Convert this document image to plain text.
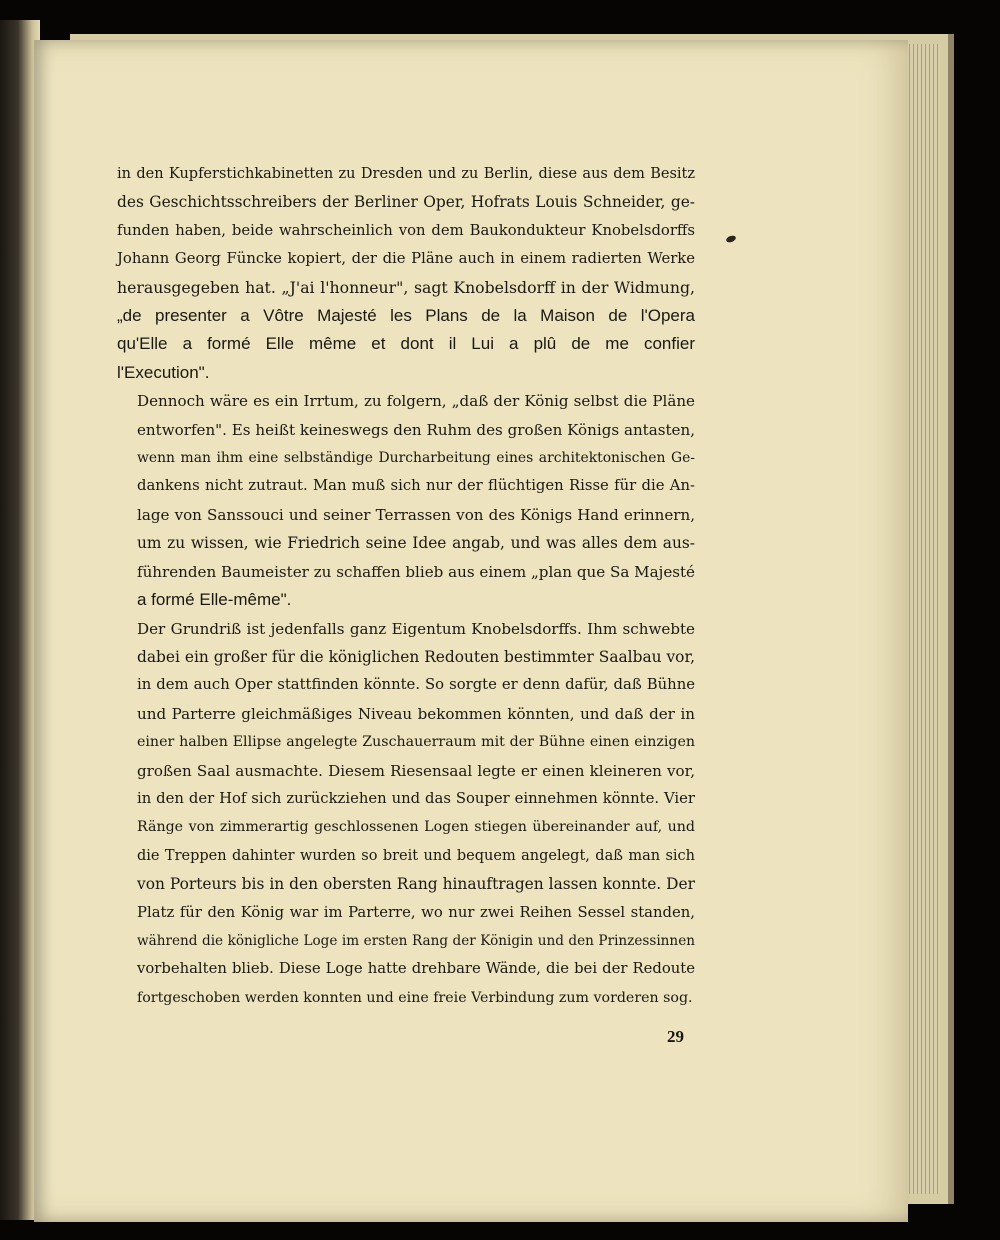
in den Kupferstichkabinetten zu Dresden und zu Berlin, diese aus dem Besitz
des Geschichtsschreibers der Berliner Oper, Hofrats Louis Schneider, ge-
funden haben, beide wahrscheinlich von dem Baukondukteur Knobelsdorffs
Johann Georg Füncke kopiert, der die Pläne auch in einem radierten Werke
herausgegeben hat. „J'ai l'honneur", sagt Knobelsdorff in der Widmung,
„de presenter a Vôtre Majesté les Plans de la Maison de l'Opera
qu'Elle a formé Elle même et dont il Lui a plû de me confier
l'Execution".

Dennoch wäre es ein Irrtum, zu folgern, „daß der König selbst die Pläne
entworfen". Es heißt keineswegs den Ruhm des großen Königs antasten,
wenn man ihm eine selbständige Durcharbeitung eines architektonischen Ge-
dankens nicht zutraut. Man muß sich nur der flüchtigen Risse für die An-
lage von Sanssouci und seiner Terrassen von des Königs Hand erinnern,
um zu wissen, wie Friedrich seine Idee angab, und was alles dem aus-
führenden Baumeister zu schaffen blieb aus einem „plan que Sa Majesté
a formé Elle-même".

Der Grundriß ist jedenfalls ganz Eigentum Knobelsdorffs. Ihm schwebte
dabei ein großer für die königlichen Redouten bestimmter Saalbau vor,
in dem auch Oper stattfinden könnte. So sorgte er denn dafür, daß Bühne
und Parterre gleichmäßiges Niveau bekommen könnten, und daß der in
einer halben Ellipse angelegte Zuschauerraum mit der Bühne einen einzigen
großen Saal ausmachte. Diesem Riesensaal legte er einen kleineren vor,
in den der Hof sich zurückziehen und das Souper einnehmen könnte. Vier
Ränge von zimmerartig geschlossenen Logen stiegen übereinander auf, und
die Treppen dahinter wurden so breit und bequem angelegt, daß man sich
von Porteurs bis in den obersten Rang hinauftragen lassen konnte. Der
Platz für den König war im Parterre, wo nur zwei Reihen Sessel standen,
während die königliche Loge im ersten Rang der Königin und den Prinzessinnen
vorbehalten blieb. Diese Loge hatte drehbare Wände, die bei der Redoute
fortgeschoben werden konnten und eine freie Verbindung zum vorderen sog.

29
